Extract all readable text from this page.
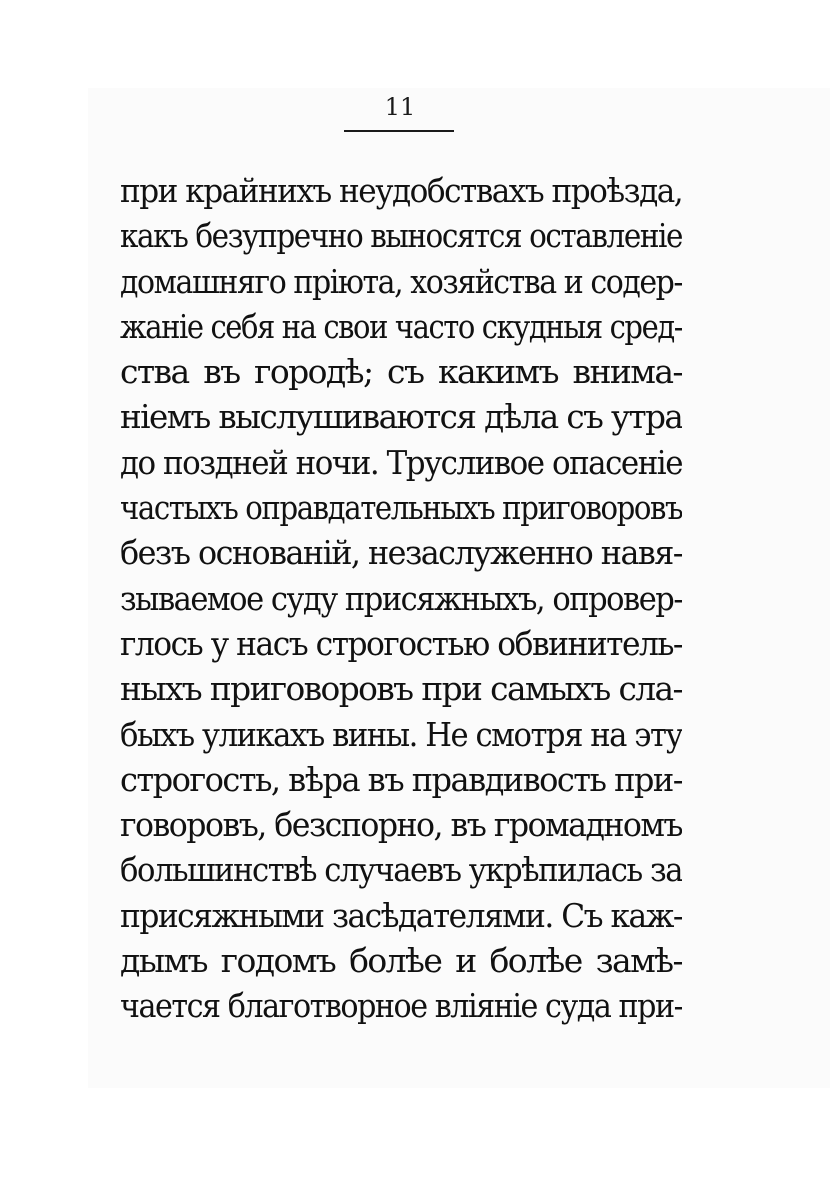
11
при крайнихъ неудобствахъ проѣзда,
какъ безупречно выносятся оставленіе
домашняго пріюта, хозяйства и содер-
жаніе себя на свои часто скудныя сред-
ства въ городѣ; съ какимъ внима-
ніемъ выслушиваются дѣла съ утра
до поздней ночи. Трусливое опасеніе
частыхъ оправдательныхъ приговоровъ
безъ основаній, незаслуженно навя-
зываемое суду присяжныхъ, опровер-
глось у насъ строгостью обвинитель-
ныхъ приговоровъ при самыхъ сла-
быхъ уликахъ вины. Не смотря на эту
строгость, вѣра въ правдивость при-
говоровъ, безспорно, въ громадномъ
большинствѣ случаевъ укрѣпилась за
присяжными засѣдателями. Съ каж-
дымъ годомъ болѣе и болѣе замѣ-
чается благотворное вліяніе суда при-
